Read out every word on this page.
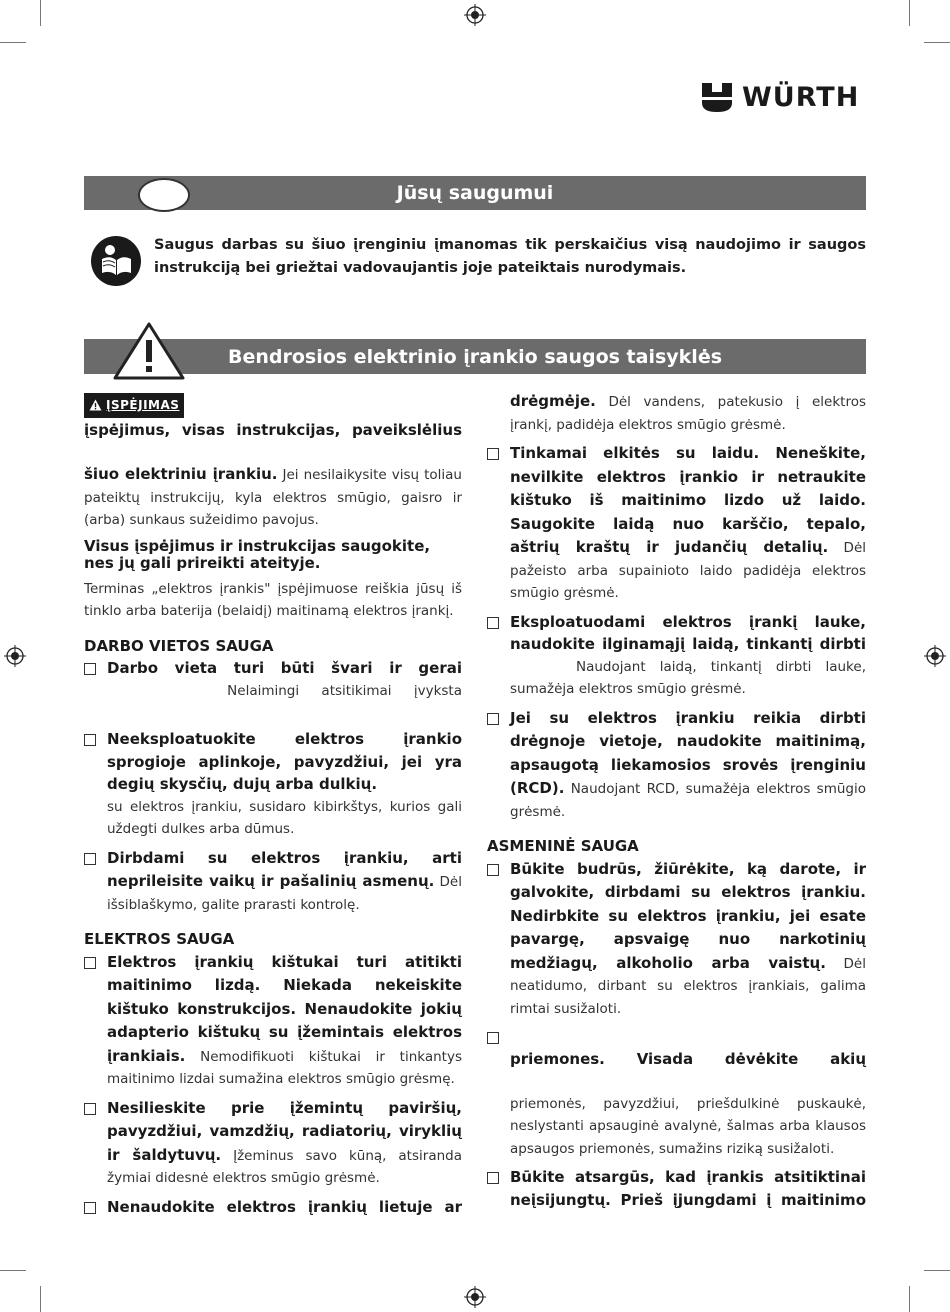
WÜRTH
Jūsų saugumui
Saugus darbas su šiuo įrenginiu įmanomas tik perskaičius visą naudojimo ir saugos instrukciją bei griežtai vadovaujantis joje pateiktais nurodymais.
Bendrosios elektrinio įrankio saugos taisyklės
ĮSPĖJIMAS
įspėjimus, visas instrukcijas, paveikslėlius
šiuo elektriniu įrankiu. Jei nesilaikysite visų toliau pateiktų instrukcijų, kyla elektros smūgio, gaisro ir (arba) sunkaus sužeidimo pavojus.
Visus įspėjimus ir instrukcijas saugokite, nes jų gali prireikti ateityje.
Terminas „elektros įrankis" įspėjimuose reiškia jūsų iš tinklo arba baterija (belaidį) maitinamą elektros įrankį.
DARBO VIETOS SAUGA
Darbo vieta turi būti švari ir gerai
Nelaimingi atsitikimai įvyksta
Neeksploatuokite elektros įrankio sprogioje aplinkoje, pavyzdžiui, jei yra degių skysčių, dujų arba dulkių.
su elektros įrankiu, susidaro kibirkštys, kurios gali uždegti dulkes arba dūmus.
Dirbdami su elektros įrankiu, arti neprileisite vaikų ir pašalinių asmenų. Dėl išsiblaškymo, galite prarasti kontrolę.
ELEKTROS SAUGA
Elektros įrankių kištukai turi atitikti maitinimo lizdą. Niekada nekeiskite kištuko konstrukcijos. Nenaudokite jokių adapterio kištukų su įžemintais elektros įrankiais. Nemodifikuoti kištukai ir tinkantys maitinimo lizdai sumažina elektros smūgio grėsmę.
Nesilieskite prie įžemintų paviršių, pavyzdžiui, vamzdžių, radiatorių, viryklių ir šaldytuvų. Įžeminus savo kūną, atsiranda žymiai didesnė elektros smūgio grėsmė.
Nenaudokite elektros įrankių lietuje ar
drėgmėje. Dėl vandens, patekusio į elektros įrankį, padidėja elektros smūgio grėsmė.
Tinkamai elkitės su laidu. Neneškite, nevilkite elektros įrankio ir netraukite kištuko iš maitinimo lizdo už laido. Saugokite laidą nuo karščio, tepalo, aštrių kraštų ir judančių detalių. Dėl pažeisto arba supainioto laido padidėja elektros smūgio grėsmė.
Eksploatuodami elektros įrankį lauke, naudokite ilginamąjį laidą, tinkantį dirbti
Naudojant laidą, tinkantį dirbti lauke, sumažėja elektros smūgio grėsmė.
Jei su elektros įrankiu reikia dirbti drėgnoje vietoje, naudokite maitinimą, apsaugotą liekamosios srovės įrenginiu (RCD). Naudojant RCD, sumažėja elektros smūgio grėsmė.
ASMENINĖ SAUGA
Būkite budrūs, žiūrėkite, ką darote, ir galvokite, dirbdami su elektros įrankiu. Nedirbkite su elektros įrankiu, jei esate pavargę, apsvaigę nuo narkotinių medžiagų, alkoholio arba vaistų. Dėl neatidumo, dirbant su elektros įrankiais, galima rimtai susižaloti.
priemones. Visada dėvėkite akių
priemonės, pavyzdžiui, priešdulkinė puskaukė, neslystanti apsauginė avalynė, šalmas arba klausos apsaugos priemonės, sumažins riziką susižaloti.
Būkite atsargūs, kad įrankis atsitiktinai neįsijungtų. Prieš įjungdami į maitinimo
